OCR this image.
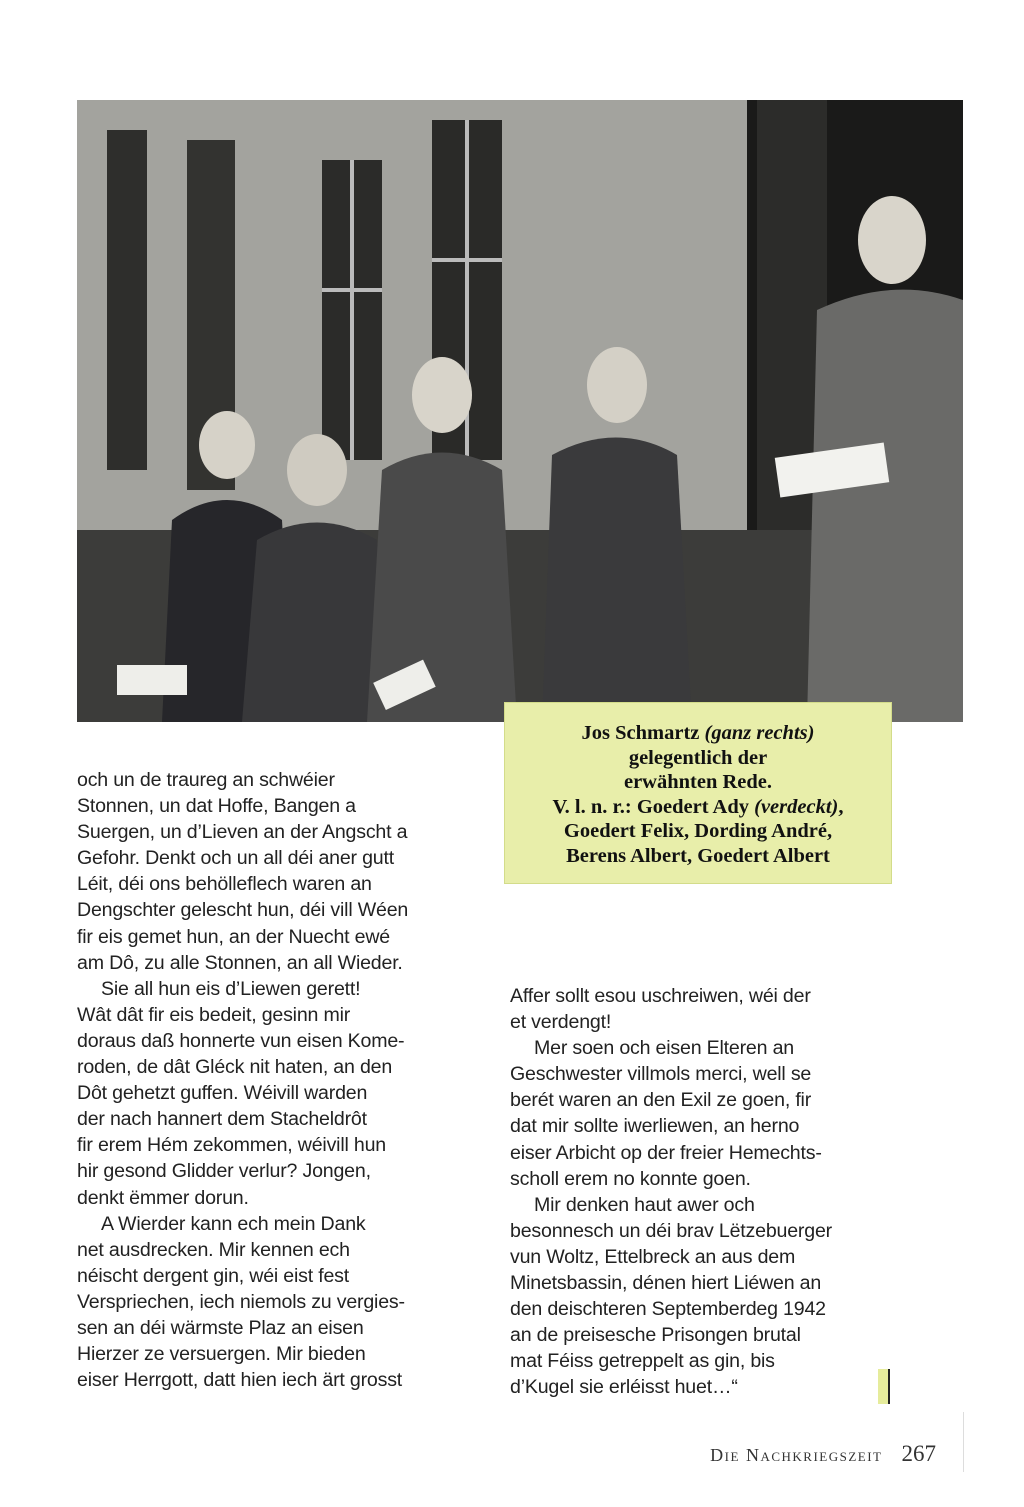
Jos Schmartz (ganz rechts)
gelegentlich der
erwähnten Rede.
V. l. n. r.: Goedert Ady (verdeckt),
Goedert Felix, Dording André,
Berens Albert, Goedert Albert
och un de traureg an schwéier
Stonnen, un dat Hoffe, Bangen a
Suergen, un d’Lieven an der Angscht a
Gefohr. Denkt och un all déi aner gutt
Léit, déi ons behölleflech waren an
Dengschter gelescht hun, déi vill Wéen
fir eis gemet hun, an der Nuecht ewé
am Dô, zu alle Stonnen, an all Wieder.
Sie all hun eis d’Liewen gerett!
Wât dât fir eis bedeit, gesinn mir
doraus daß honnerte vun eisen Kome-
roden, de dât Gléck nit haten, an den
Dôt gehetzt guffen. Wéivill warden
der nach hannert dem Stacheldrôt
fir erem Hém zekommen, wéivill hun
hir gesond Glidder verlur? Jongen,
denkt ëmmer dorun.
A Wierder kann ech mein Dank
net ausdrecken. Mir kennen ech
néischt dergent gin, wéi eist fest
Verspriechen, iech niemols zu vergies-
sen an déi wärmste Plaz an eisen
Hierzer ze versuergen. Mir bieden
eiser Herrgott, datt hien iech ärt grosst
Affer sollt esou uschreiwen, wéi der
et verdengt!
Mer soen och eisen Elteren an
Geschwester villmols merci, well se
berét waren an den Exil ze goen, fir
dat mir sollte iwerliewen, an herno
eiser Arbicht op der freier Hemechts-
scholl erem no konnte goen.
Mir denken haut awer och
besonnesch un déi brav Lëtzebuerger
vun Woltz, Ettelbreck an aus dem
Minetsbassin, dénen hiert Liéwen an
den deischteren Septemberdeg 1942
an de preisesche Prisongen brutal
mat Féiss getreppelt as gin, bis
d’Kugel sie erléisst huet…“
Die Nachkriegszeit 267
